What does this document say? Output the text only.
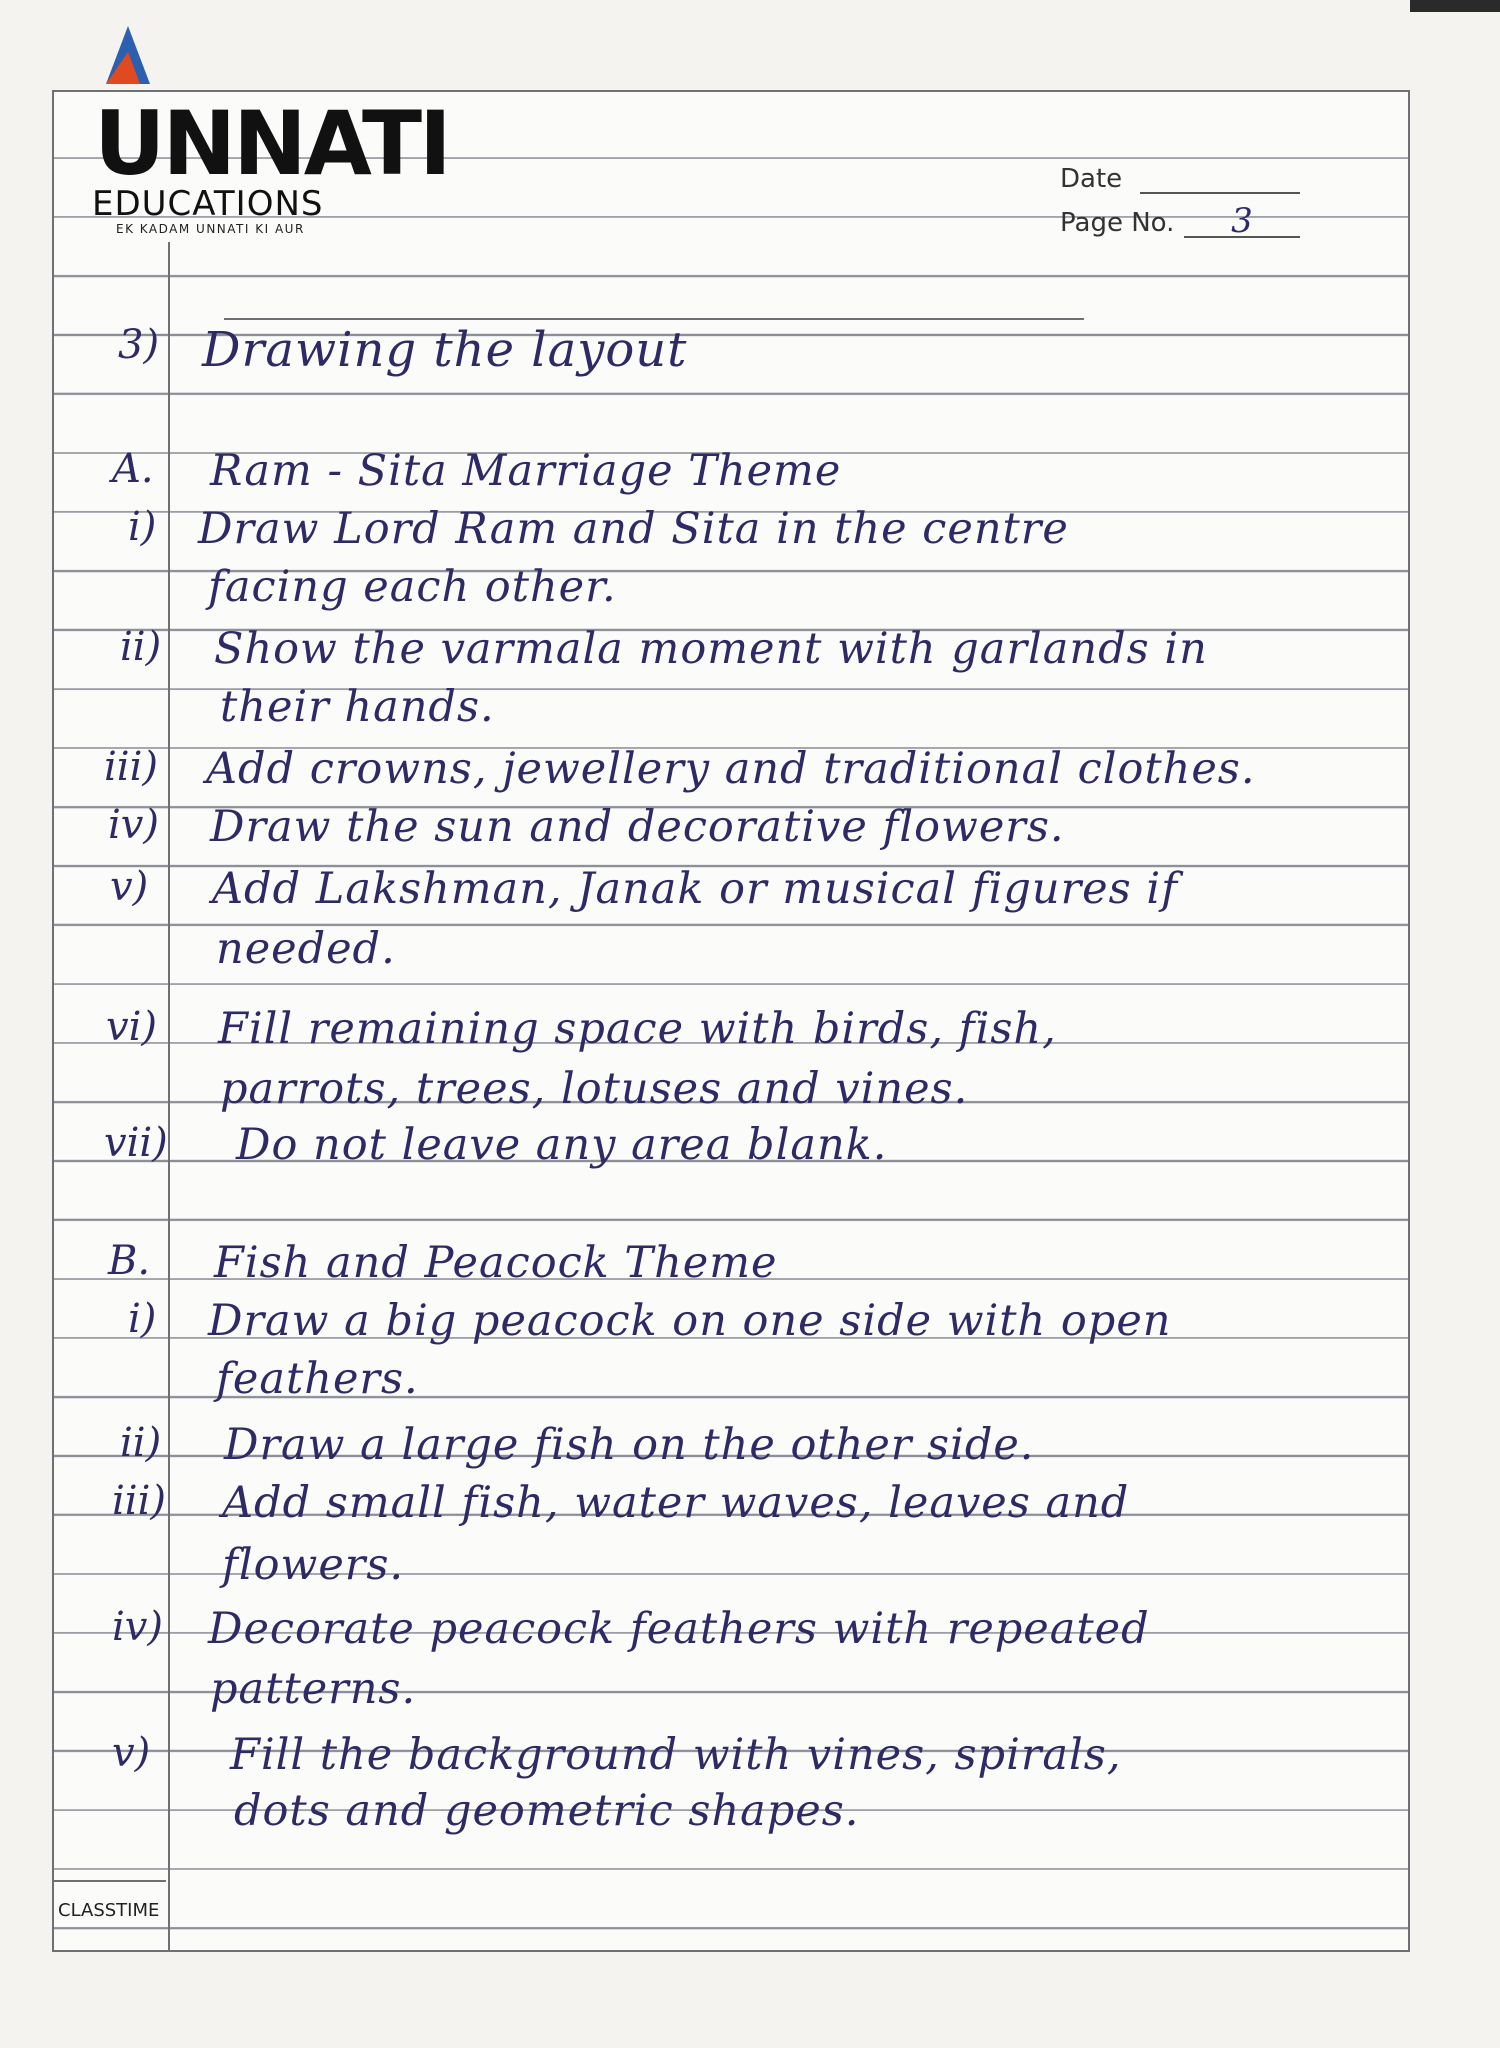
UNNATI
EDUCATIONS
EK KADAM UNNATI KI AUR
Date
Page No.	3
3) Drawing the layout
A. Ram - Sita Marriage Theme
i) Draw Lord Ram and Sita in the centre
facing each other.
ii) Show the varmala moment with garlands in
their hands.
iii) Add crowns, jewellery and traditional clothes.
iv) Draw the sun and decorative flowers.
v) Add Lakshman, Janak or musical figures if
needed.
vi) Fill remaining space with birds, fish,
parrots, trees, lotuses and vines.
vii) Do not leave any area blank.
B. Fish and Peacock Theme
i) Draw a big peacock on one side with open
feathers.
ii) Draw a large fish on the other side.
iii) Add small fish, water waves, leaves and
flowers.
iv) Decorate peacock feathers with repeated
patterns.
v) Fill the background with vines, spirals,
dots and geometric shapes.
CLASSTIME
